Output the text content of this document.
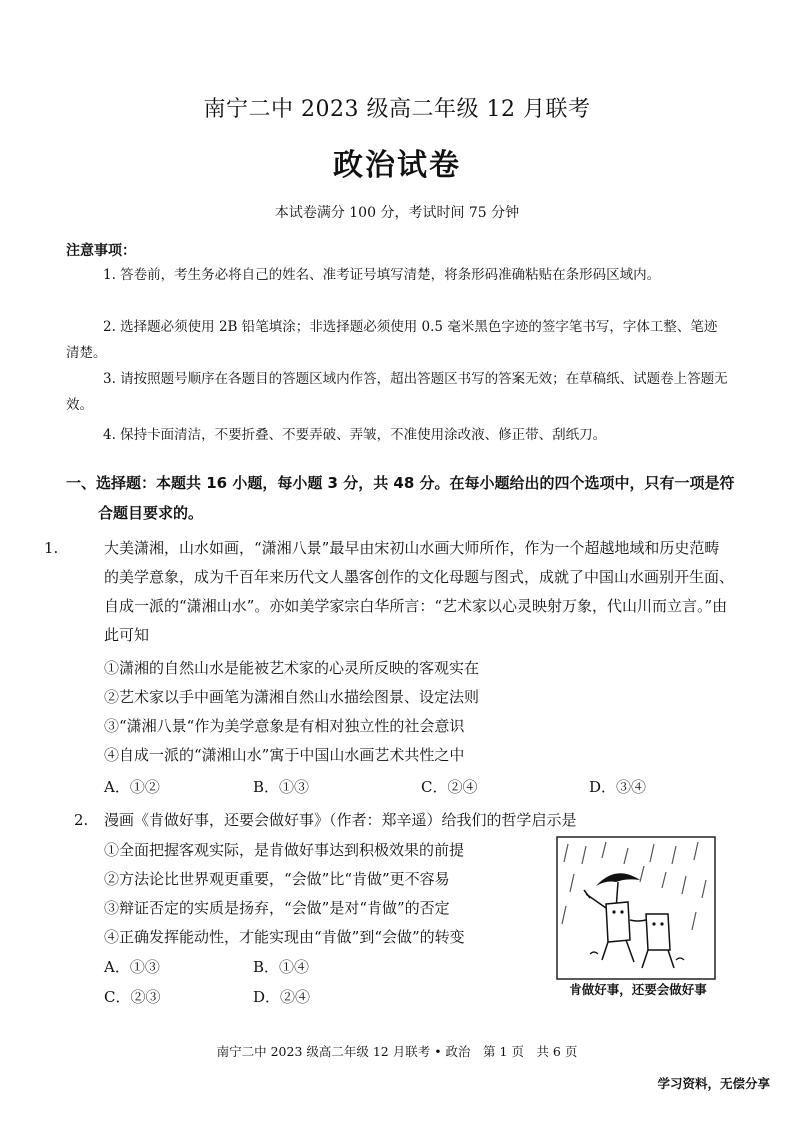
南宁二中 2023 级高二年级 12 月联考
政治试卷
本试卷满分 100 分，考试时间 75 分钟
注意事项：
1. 答卷前，考生务必将自己的姓名、准考证号填写清楚，将条形码准确粘贴在条形码区域内。
2. 选择题必须使用 2B 铅笔填涂；非选择题必须使用 0.5 毫米黑色字迹的签字笔书写，字体工整、笔迹清楚。
3. 请按照题号顺序在各题目的答题区域内作答，超出答题区书写的答案无效；在草稿纸、试题卷上答题无效。
4. 保持卡面清洁，不要折叠、不要弄破、弄皱，不准使用涂改液、修正带、刮纸刀。
一、选择题：本题共 16 小题，每小题 3 分，共 48 分。在每小题给出的四个选项中，只有一项是符合题目要求的。
1.	大美潇湘，山水如画，“潇湘八景”最早由宋初山水画大师所作，作为一个超越地域和历史范畴的美学意象，成为千百年来历代文人墨客创作的文化母题与图式，成就了中国山水画别开生面、自成一派的“潇湘山水”。亦如美学家宗白华所言：“艺术家以心灵映射万象，代山川而立言。”由此可知
①潇湘的自然山水是能被艺术家的心灵所反映的客观实在
②艺术家以手中画笔为潇湘自然山水描绘图景、设定法则
③“潇湘八景“作为美学意象是有相对独立性的社会意识
④自成一派的“潇湘山水”寓于中国山水画艺术共性之中
A．①②	B．①③	C．②④	D．③④
2. 漫画《肯做好事，还要会做好事》（作者：郑辛遥）给我们的哲学启示是
①全面把握客观实际，是肯做好事达到积极效果的前提
②方法论比世界观更重要，“会做”比“肯做”更不容易
③辩证否定的实质是扬弃，“会做”是对“肯做”的否定
④正确发挥能动性，才能实现由“肯做”到“会做”的转变
A．①③	B．①④
C．②③	D．②④	肯做好事，还要会做好事
南宁二中 2023 级高二年级 12 月联考 • 政治　第 1 页　共 6 页
学习资料，无偿分享
